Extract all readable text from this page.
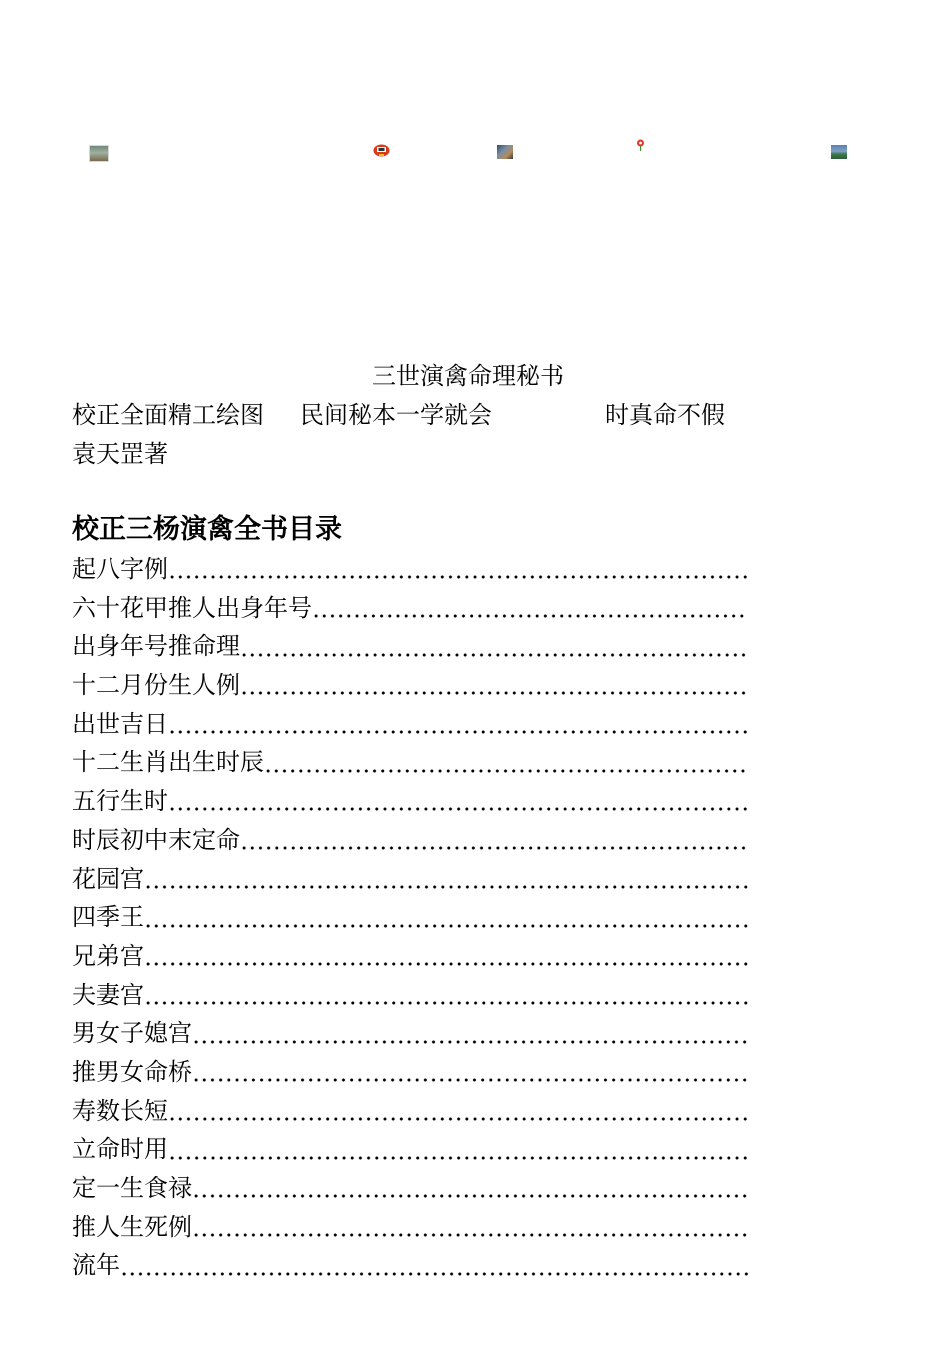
三世演禽命理秘书
校正全面精工绘图 民间秘本一学就会	时真命不假
袁天罡著
校正三杨演禽全书目录
起八字例
六十花甲推人出身年号
出身年号推命理
十二月份生人例
出世吉日
十二生肖出生时辰
五行生时
时辰初中末定命
花园宫
四季王
兄弟宫
夫妻宫
男女子媳宫
推男女命桥
寿数长短
立命时用
定一生食禄
推人生死例
流年
